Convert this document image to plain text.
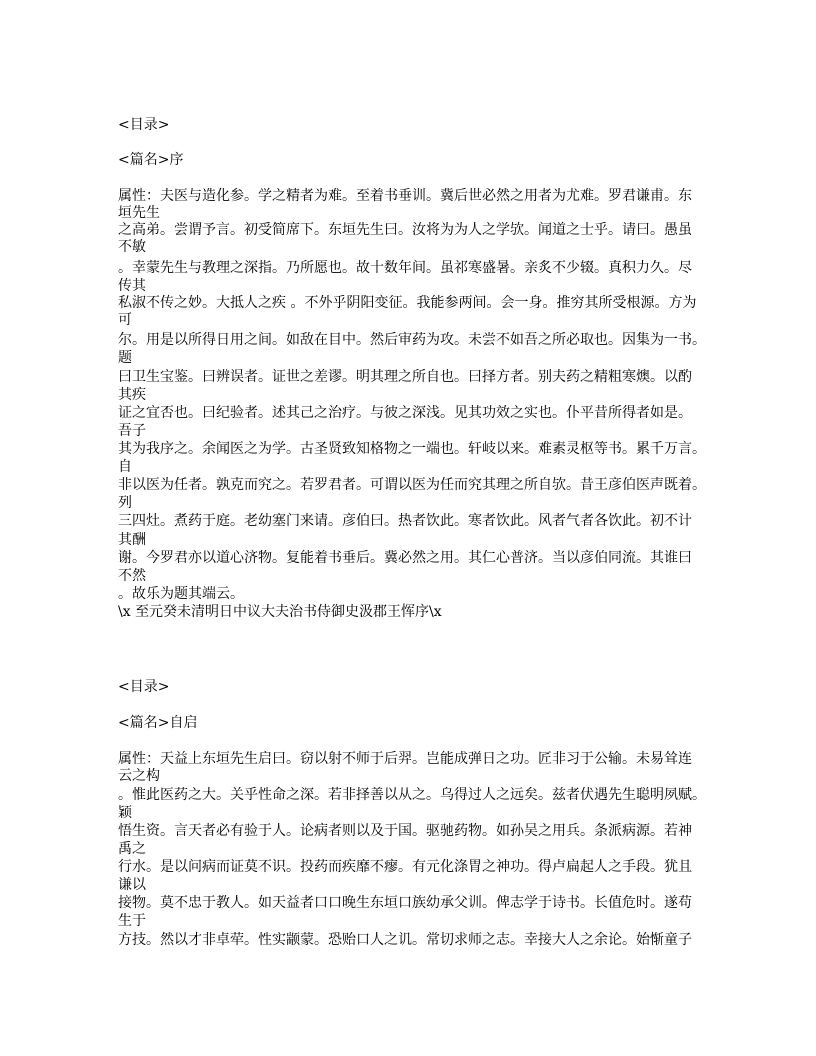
<目录>
<篇名>序
属性：夫医与造化参。学之精者为难。至着书垂训。冀后世必然之用者为尤难。罗君谦甫。东
垣先生
之高弟。尝谓予言。初受简席下。东垣先生曰。汝将为为人之学欤。闻道之士乎。请曰。愚虽
不敏
。幸蒙先生与教理之深指。乃所愿也。故十数年间。虽祁寒盛暑。亲炙不少辍。真积力久。尽
传其
私淑不传之妙。大抵人之疾 。不外乎阴阳变征。我能参两间。会一身。推穷其所受根源。方为
可
尔。用是以所得日用之间。如敌在目中。然后审药为攻。未尝不如吾之所必取也。因集为一书。
题
曰卫生宝鉴。曰辨误者。证世之差谬。明其理之所自也。曰择方者。别夫药之精粗寒燠。以酌
其疾
证之宜否也。曰纪验者。述其己之治疗。与彼之深浅。见其功效之实也。仆平昔所得者如是。
吾子
其为我序之。余闻医之为学。古圣贤致知格物之一端也。轩岐以来。难素灵枢等书。累千万言。
自
非以医为任者。孰克而究之。若罗君者。可谓以医为任而究其理之所自欤。昔王彦伯医声既着。
列
三四灶。煮药于庭。老幼塞门来请。彦伯曰。热者饮此。寒者饮此。风者气者各饮此。初不计
其酬
谢。今罗君亦以道心济物。复能着书垂后。冀必然之用。其仁心普济。当以彦伯同流。其谁曰
不然
。故乐为题其端云。
\x 至元癸未清明日中议大夫治书侍御史汲郡王恽序\x
<目录>
<篇名>自启
属性：天益上东垣先生启曰。窃以射不师于后羿。岂能成弹日之功。匠非习于公输。未易耸连
云之构
。惟此医药之大。关乎性命之深。若非择善以从之。乌得过人之远矣。兹者伏遇先生聪明夙赋。
颖
悟生资。言天者必有验于人。论病者则以及于国。驱驰药物。如孙吴之用兵。条派病源。若神
禹之
行水。是以问病而证莫不识。投药而疾靡不瘳。有元化涤胃之神功。得卢扁起人之手段。犹且
谦以
接物。莫不忠于教人。如天益者口口晚生东垣口族幼承父训。俾志学于诗书。长值危时。遂苟
生于
方技。然以才非卓荦。性实颛蒙。恐贻口人之讥。常切求师之志。幸接大人之余论。始惭童子
